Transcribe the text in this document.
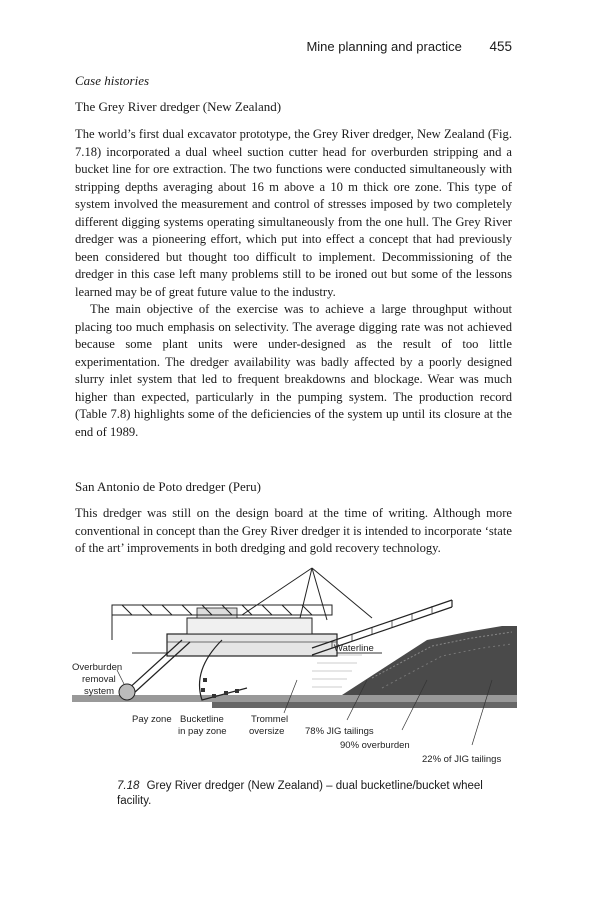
Mine planning and practice 455
Case histories
The Grey River dredger (New Zealand)

The world’s first dual excavator prototype, the Grey River dredger, New Zealand (Fig. 7.18) incorporated a dual wheel suction cutter head for overburden stripping and a bucket line for ore extraction. The two functions were conducted simultaneously with stripping depths averaging about 16 m above a 10 m thick ore zone. This type of system involved the measurement and control of stresses imposed by two completely different digging systems operating simultaneously from the one hull. The Grey River dredger was a pioneering effort, which put into effect a concept that had previously been considered but thought too difficult to implement. Decommissioning of the dredger in this case left many problems still to be ironed out but some of the lessons learned may be of great future value to the industry.

The main objective of the exercise was to achieve a large throughput without placing too much emphasis on selectivity. The average digging rate was not achieved because some plant units were under-designed as the result of too little experimentation. The dredger availability was badly affected by a poorly designed slurry inlet system that led to frequent breakdowns and blockage. Wear was much higher than expected, particularly in the pumping system. The production record (Table 7.8) highlights some of the deficiencies of the system up until its closure at the end of 1989.

San Antonio de Poto dredger (Peru)

This dredger was still on the design board at the time of writing. Although more conventional in concept than the Grey River dredger it is intended to incorporate ‘state of the art’ improvements in both dredging and gold recovery technology.

Waterline
Overburden
removal
system
Pay zone Bucketline
in pay zone
Trommel
oversize 78% JIG tailings
90% overburden
22% of JIG tailings
7.18 Grey River dredger (New Zealand) – dual bucketline/bucket wheel facility.
